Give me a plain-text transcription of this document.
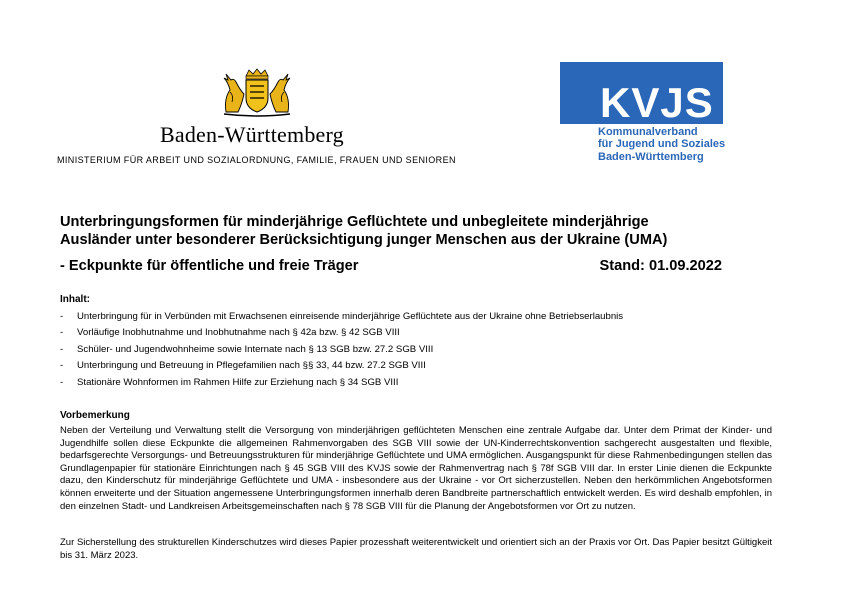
Baden-Württemberg
MINISTERIUM FÜR ARBEIT UND SOZIALORDNUNG, FAMILIE, FRAUEN UND SENIOREN
KVJS
Kommunalverband
für Jugend und Soziales
Baden-Württemberg
Unterbringungsformen für minderjährige Geflüchtete und unbegleitete minderjährige
Ausländer unter besonderer Berücksichtigung junger Menschen aus der Ukraine (UMA)
- Eckpunkte für öffentliche und freie Träger	Stand: 01.09.2022
Inhalt:
- Unterbringung für in Verbünden mit Erwachsenen einreisende minderjährige Geflüchtete aus der Ukraine ohne Betriebserlaubnis
- Vorläufige Inobhutnahme und Inobhutnahme nach § 42a bzw. § 42 SGB VIII
- Schüler- und Jugendwohnheime sowie Internate nach § 13 SGB bzw. 27.2 SGB VIII
- Unterbringung und Betreuung in Pflegefamilien nach §§ 33, 44 bzw. 27.2 SGB VIII
- Stationäre Wohnformen im Rahmen Hilfe zur Erziehung nach § 34 SGB VIII
Vorbemerkung
Neben der Verteilung und Verwaltung stellt die Versorgung von minderjährigen geflüchteten Menschen eine zentrale Aufgabe dar. Unter dem Primat der Kinder- und Jugendhilfe sollen diese Eckpunkte die allgemeinen Rahmenvorgaben des SGB VIII sowie der UN-Kinderrechtskonvention sachgerecht ausgestalten und flexible, bedarfsgerechte Versorgungs- und Betreuungsstrukturen für minderjährige Geflüchtete und UMA ermöglichen. Ausgangspunkt für diese Rahmenbedingungen stellen das Grundlagenpapier für stationäre Einrichtungen nach § 45 SGB VIII des KVJS sowie der Rahmenvertrag nach § 78f SGB VIII dar. In erster Linie dienen die Eckpunkte dazu, den Kinderschutz für minderjährige Geflüchtete und UMA - insbesondere aus der Ukraine - vor Ort sicherzustellen. Neben den herkömmlichen Angebotsformen können erweiterte und der Situation angemessene Unterbringungsformen innerhalb deren Bandbreite partnerschaftlich entwickelt werden. Es wird deshalb empfohlen, in den einzelnen Stadt- und Landkreisen Arbeitsgemeinschaften nach § 78 SGB VIII für die Planung der Angebotsformen vor Ort zu nutzen.
Zur Sicherstellung des strukturellen Kinderschutzes wird dieses Papier prozesshaft weiterentwickelt und orientiert sich an der Praxis vor Ort. Das Papier besitzt Gültigkeit bis 31. März 2023.
